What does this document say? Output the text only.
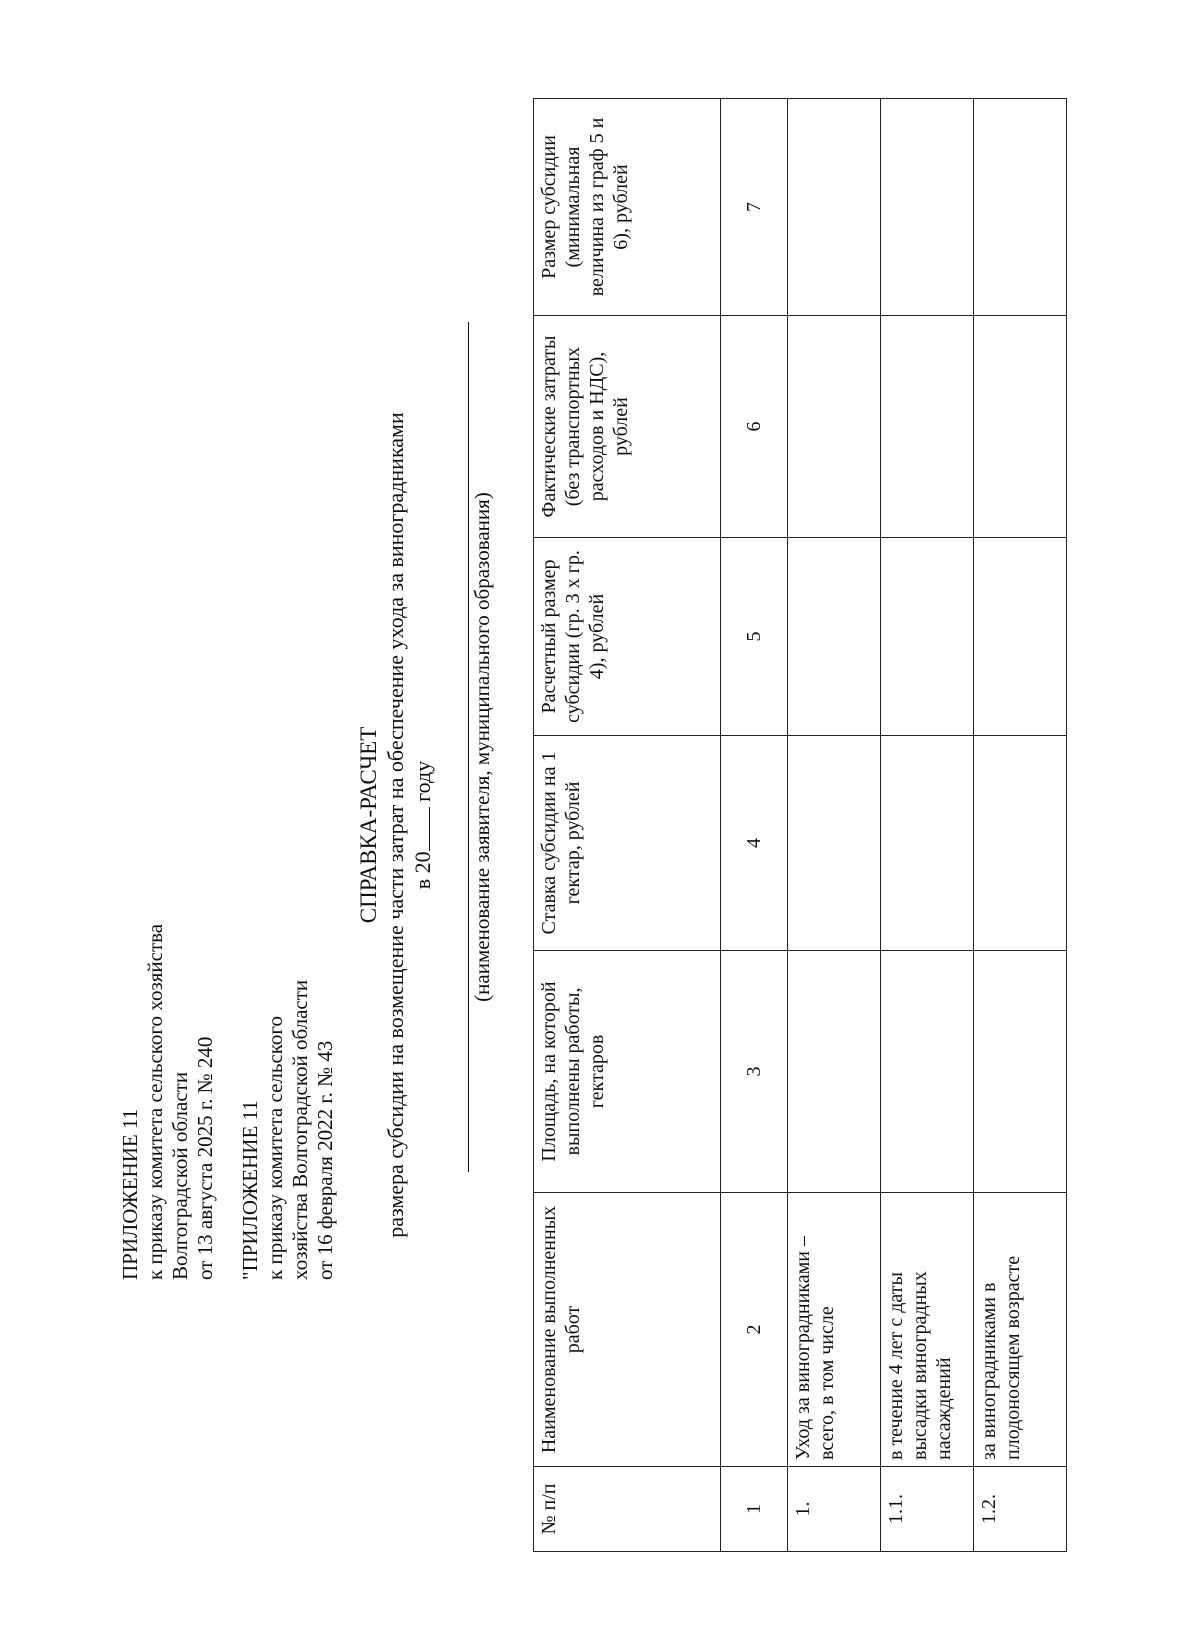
ПРИЛОЖЕНИЕ 11 к приказу комитета сельского хозяйства Волгоградской области от 13 августа 2025 г. № 240 "ПРИЛОЖЕНИЕ 11 к приказу комитета сельского хозяйства Волгоградской области от 16 февраля 2022 г. № 43
СПРАВКА-РАСЧЕТ размера субсидии на возмещение части затрат на обеспечение ухода за виноградниками в 20 году (наименование заявителя, муниципального образования)
№ п/п	Наименование выполненных работ	Площадь, на которой выполнены работы, гектаров	Ставка субсидии на 1 гектар, рублей	Расчетный размер субсидии (гр. 3 х гр. 4), рублей	Фактические затраты (без транспортных расходов и НДС), рублей	Размер субсидии (минимальная величина из граф 5 и 6), рублей
1	2	3	4	5	6	7
1.	Уход за виноградниками – всего, в том числе					
1.1.	в течение 4 лет с даты высадки виноградных насаждений					
1.2.	за виноградниками в плодоносящем возрасте					
